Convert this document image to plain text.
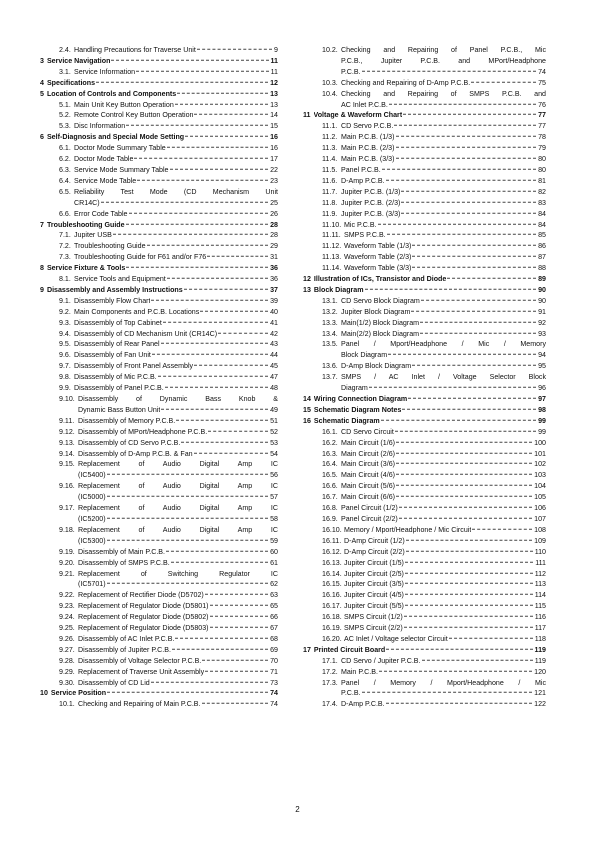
2.4. Handling Precautions for Traverse Unit	9
3 Service Navigation	11
3.1. Service Information	11
4 Specifications	12
5 Location of Controls and Components	13
5.1. Main Unit Key Button Operation	13
5.2. Remote Control Key Button Operation	14
5.3. Disc Information	15
6 Self-Diagnosis and Special Mode Setting	16
6.1. Doctor Mode Summary Table	16
6.2. Doctor Mode Table	17
6.3. Service Mode Summary Table	22
6.4. Service Mode Table	23
6.5. Reliability Test Mode (CD Mechanism Unit
CR14C)	25
6.6. Error Code Table	26
7 Troubleshooting Guide	28
7.1. Jupiter USB	28
7.2. Troubleshooting Guide	29
7.3. Troubleshooting Guide for F61 and/or F76	31
8 Service Fixture & Tools	36
8.1. Service Tools and Equipment	36
9 Disassembly and Assembly Instructions	37
9.1. Disassembly Flow Chart	39
9.2. Main Components and P.C.B. Locations	40
9.3. Disassembly of Top Cabinet	41
9.4. Disassembly of CD Mechanism Unit (CR14C)	42
9.5. Disassembly of Rear Panel	43
9.6. Disassembly of Fan Unit	44
9.7. Disassembly of Front Panel Assembly	45
9.8. Disassembly of Mic P.C.B.	47
9.9. Disassembly of Panel P.C.B.	48
9.10. Disassembly of Dynamic Bass Knob &
Dynamic Bass Button Unit	49
9.11. Disassembly of Memory P.C.B.	51
9.12. Disassembly of MPort/Headphone P.C.B.	52
9.13. Disassembly of CD Servo P.C.B.	53
9.14. Disassembly of D-Amp P.C.B. & Fan	54
9.15. Replacement of Audio Digital Amp IC
(IC5400)	56
9.16. Replacement of Audio Digital Amp IC
(IC5000)	57
9.17. Replacement of Audio Digital Amp IC
(IC5200)	58
9.18. Replacement of Audio Digital Amp IC
(IC5300)	59
9.19. Disassembly of Main P.C.B.	60
9.20. Disassembly of SMPS P.C.B.	61
9.21. Replacement of Switching Regulator IC
(IC5701)	62
9.22. Replacement of Rectifier Diode (D5702)	63
9.23. Replacement of Regulator Diode (D5801)	65
9.24. Replacement of Regulator Diode (D5802)	66
9.25. Replacement of Regulator Diode (D5803)	67
9.26. Disassembly of AC Inlet P.C.B.	68
9.27. Disassembly of Jupiter P.C.B.	69
9.28. Disassembly of Voltage Selector P.C.B.	70
9.29. Replacement of Traverse Unit Assembly	71
9.30. Disassembly of CD Lid	73
10 Service Position	74
10.1. Checking and Repairing of Main P.C.B.	74
10.2. Checking and Repairing of Panel P.C.B., Mic
P.C.B., Jupiter P.C.B. and MPort/Headphone
P.C.B.	74
10.3. Checking and Repairing of D-Amp P.C.B.	75
10.4. Checking and Repairing of SMPS P.C.B. and
AC Inlet P.C.B.	76
11 Voltage & Waveform Chart	77
11.1. CD Servo P.C.B.	77
11.2. Main P.C.B. (1/3)	78
11.3. Main P.C.B. (2/3)	79
11.4. Main P.C.B. (3/3)	80
11.5. Panel P.C.B.	80
11.6. D-Amp P.C.B.	81
11.7. Jupiter P.C.B. (1/3)	82
11.8. Jupiter P.C.B. (2/3)	83
11.9. Jupiter P.C.B. (3/3)	84
11.10. Mic P.C.B.	84
11.11. SMPS P.C.B.	85
11.12. Waveform Table (1/3)	86
11.13. Waveform Table (2/3)	87
11.14. Waveform Table (3/3)	88
12 Illustration of ICs, Transistor and Diode	89
13 Block Diagram	90
13.1. CD Servo Block Diagram	90
13.2. Jupiter Block Diagram	91
13.3. Main(1/2) Block Diagram	92
13.4. Main(2/2) Block Diagram	93
13.5. Panel / Mport/Headphone / Mic / Memory
Block Diagram	94
13.6. D-Amp Block Diagram	95
13.7. SMPS / AC Inlet / Voltage Selector Block
Diagram	96
14 Wiring Connection Diagram	97
15 Schematic Diagram Notes	98
16 Schematic Diagram	99
16.1. CD Servo Circuit	99
16.2. Main Circuit (1/6)	100
16.3. Main Circuit (2/6)	101
16.4. Main Circuit (3/6)	102
16.5. Main Circuit (4/6)	103
16.6. Main Circuit (5/6)	104
16.7. Main Circuit (6/6)	105
16.8. Panel Circuit (1/2)	106
16.9. Panel Circuit (2/2)	107
16.10. Memory / Mport/Headphone / Mic Circuit	108
16.11. D-Amp Circuit (1/2)	109
16.12. D-Amp Circuit (2/2)	110
16.13. Jupiter Circuit (1/5)	111
16.14. Jupiter Circuit (2/5)	112
16.15. Jupiter Circuit (3/5)	113
16.16. Jupiter Circuit (4/5)	114
16.17. Jupiter Circuit (5/5)	115
16.18. SMPS Circuit (1/2)	116
16.19. SMPS Circuit (2/2)	117
16.20. AC Inlet / Voltage selector Circuit	118
17 Printed Circuit Board	119
17.1. CD Servo / Jupiter P.C.B.	119
17.2. Main P.C.B.	120
17.3. Panel / Memory / Mport/Headphone / Mic
P.C.B.	121
17.4. D-Amp P.C.B.	122
2
